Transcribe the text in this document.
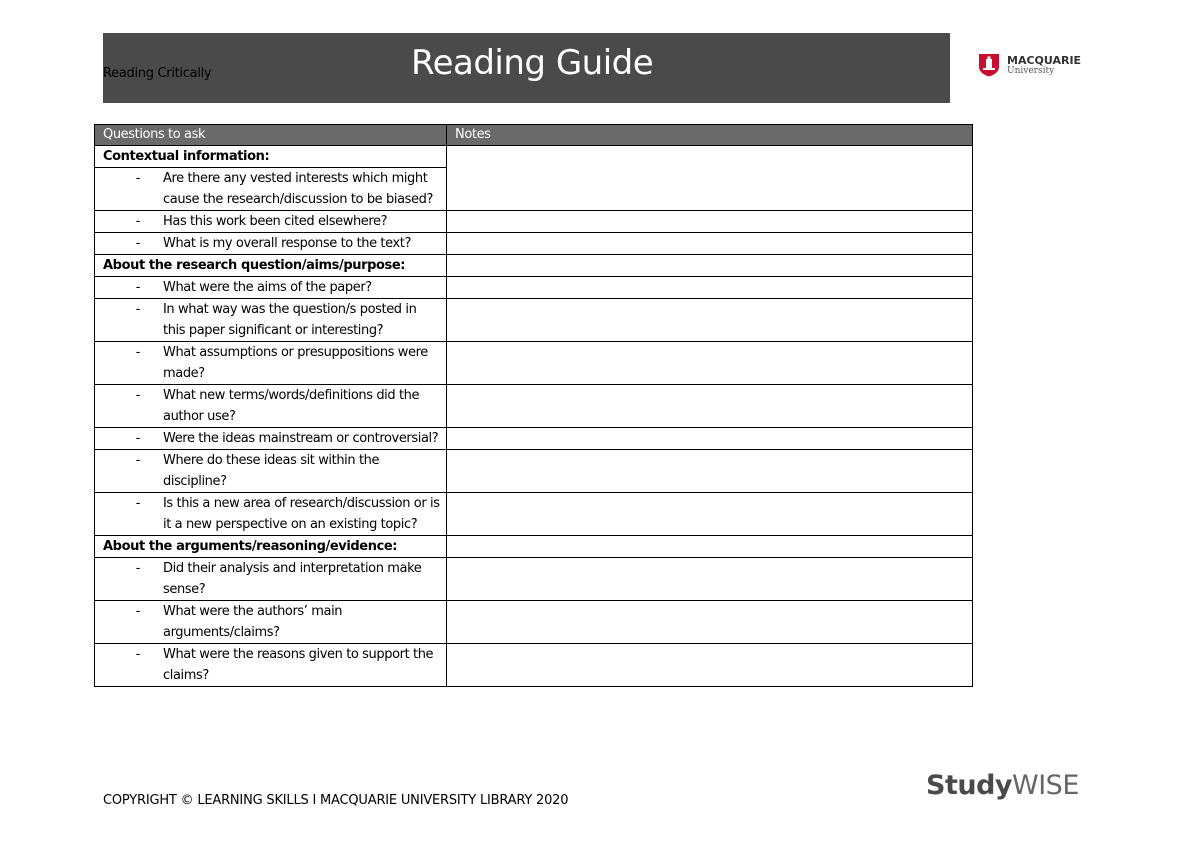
Reading Critically	Reading Guide	MACQUARIE
University
Questions to ask	Notes
Contextual information:	

- Are there any vested interests which might cause the research/discussion to be biased?	

- Has this work been cited elsewhere?	

- What is my overall response to the text?	

About the research question/aims/purpose:	

- What were the aims of the paper?	

- In what way was the question/s posted in this paper significant or interesting?	

- What assumptions or presuppositions were made?	

- What new terms/words/definitions did the author use?	

- Were the ideas mainstream or controversial?	

- Where do these ideas sit within the discipline?	

- Is this a new area of research/discussion or is it a new perspective on an existing topic?	

About the arguments/reasoning/evidence:	

- Did their analysis and interpretation make sense?	

- What were the authors’ main arguments/claims?	

- What were the reasons given to support the claims?	

COPYRIGHT © LEARNING SKILLS I MACQUARIE UNIVERSITY LIBRARY 2020	StudyWISE
